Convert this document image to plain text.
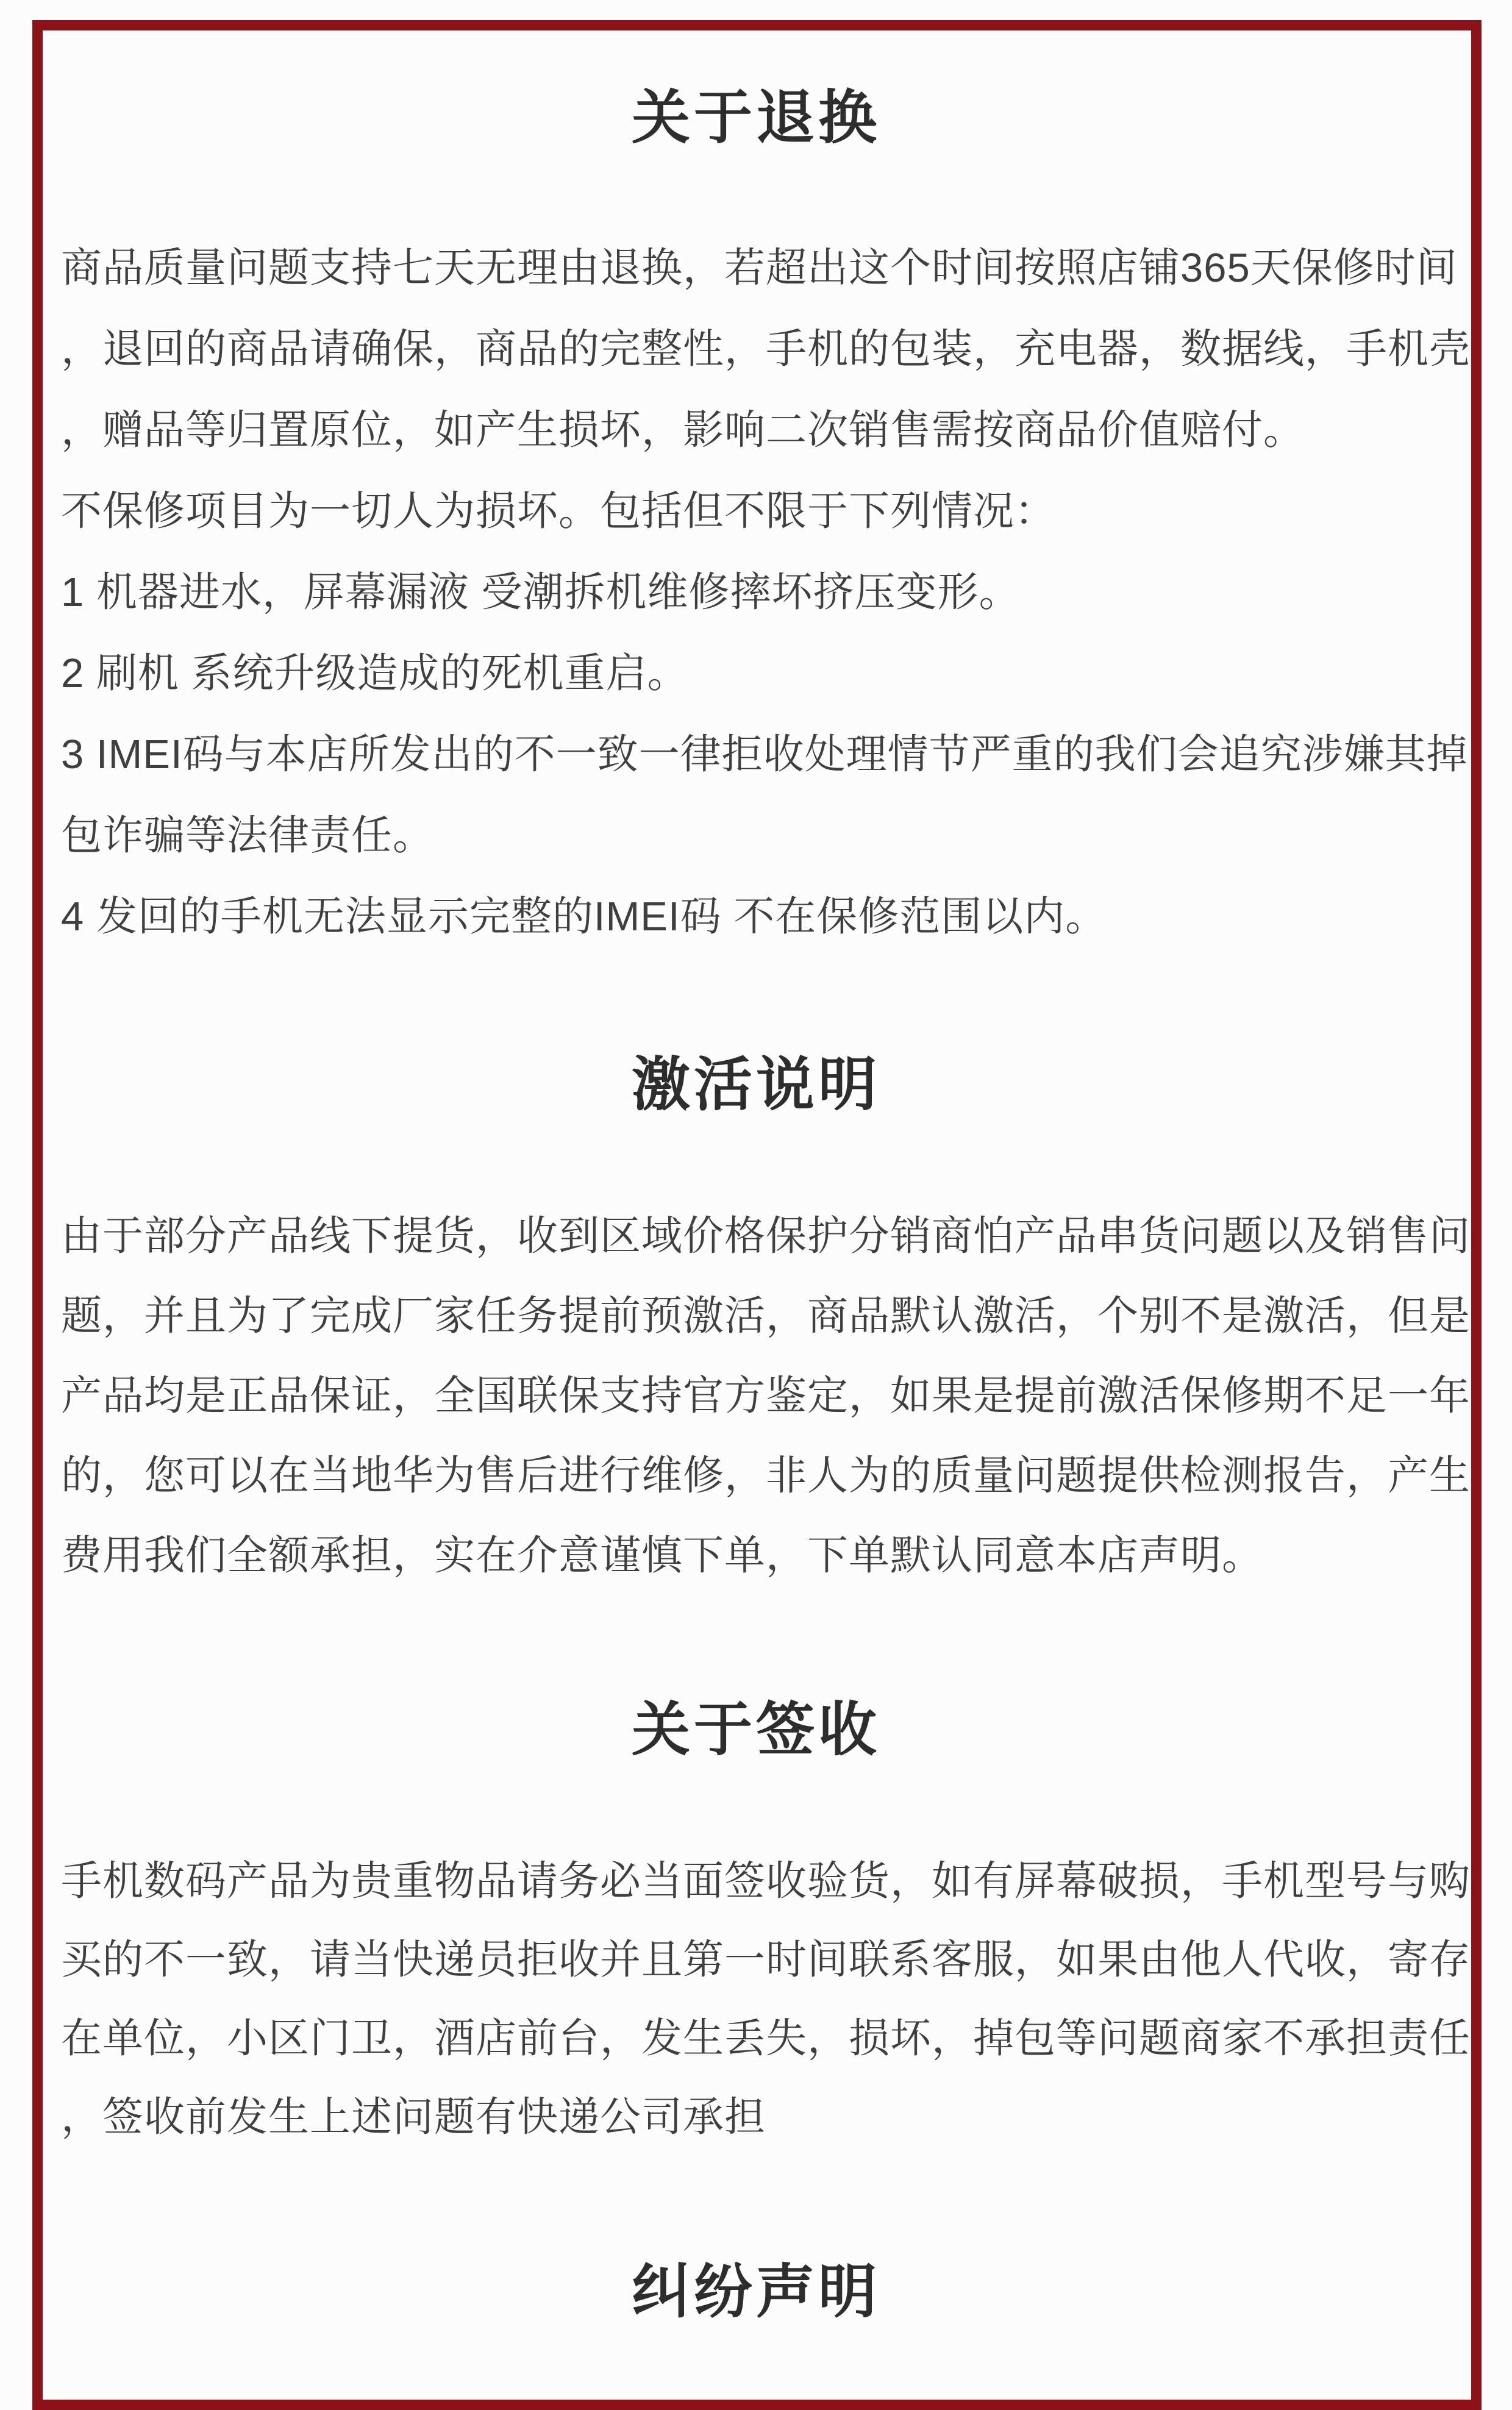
关于退换
商品质量问题支持七天无理由退换，若超出这个时间按照店铺365天保修时间
，退回的商品请确保，商品的完整性，手机的包装，充电器，数据线，手机壳
，赠品等归置原位，如产生损坏，影响二次销售需按商品价值赔付。
不保修项目为一切人为损坏。包括但不限于下列情况：
1 机器进水，屏幕漏液 受潮拆机维修摔坏挤压变形。
2 刷机 系统升级造成的死机重启。
3 IMEI码与本店所发出的不一致一律拒收处理情节严重的我们会追究涉嫌其掉
包诈骗等法律责任。
4 发回的手机无法显示完整的IMEI码 不在保修范围以内。
激活说明
由于部分产品线下提货，收到区域价格保护分销商怕产品串货问题以及销售问
题，并且为了完成厂家任务提前预激活，商品默认激活，个别不是激活，但是
产品均是正品保证，全国联保支持官方鉴定，如果是提前激活保修期不足一年
的，您可以在当地华为售后进行维修，非人为的质量问题提供检测报告，产生
费用我们全额承担，实在介意谨慎下单，下单默认同意本店声明。
关于签收
手机数码产品为贵重物品请务必当面签收验货，如有屏幕破损，手机型号与购
买的不一致，请当快递员拒收并且第一时间联系客服，如果由他人代收，寄存
在单位，小区门卫，酒店前台，发生丢失，损坏，掉包等问题商家不承担责任
，签收前发生上述问题有快递公司承担
纠纷声明
